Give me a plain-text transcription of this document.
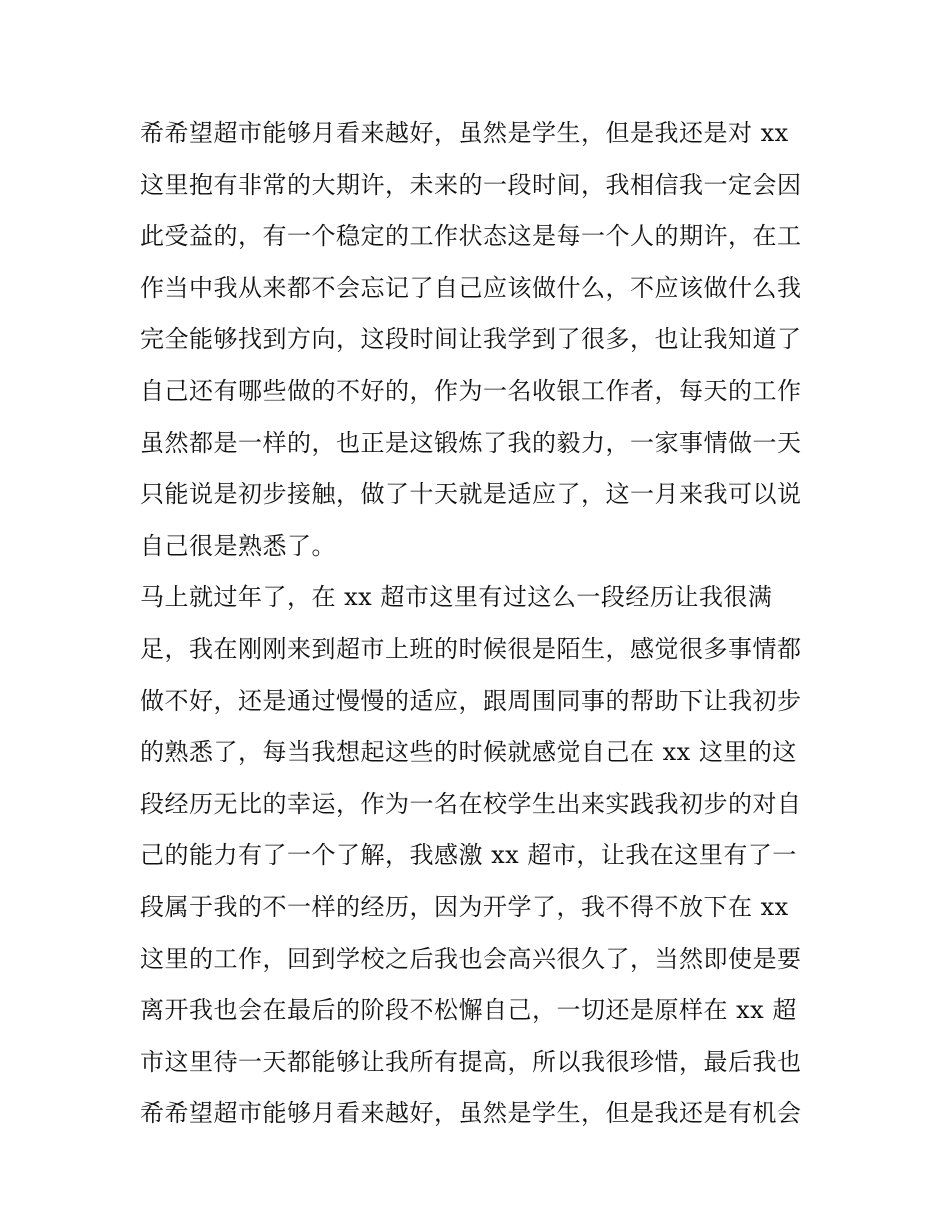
希希望超市能够月看来越好，虽然是学生，但是我还是对 xx
这里抱有非常的大期许，未来的一段时间，我相信我一定会因
此受益的，有一个稳定的工作状态这是每一个人的期许，在工
作当中我从来都不会忘记了自己应该做什么，不应该做什么我
完全能够找到方向，这段时间让我学到了很多，也让我知道了
自己还有哪些做的不好的，作为一名收银工作者，每天的工作
虽然都是一样的，也正是这锻炼了我的毅力，一家事情做一天
只能说是初步接触，做了十天就是适应了，这一月来我可以说
自己很是熟悉了。
马上就过年了，在 xx 超市这里有过这么一段经历让我很满
足，我在刚刚来到超市上班的时候很是陌生，感觉很多事情都
做不好，还是通过慢慢的适应，跟周围同事的帮助下让我初步
的熟悉了，每当我想起这些的时候就感觉自己在 xx 这里的这
段经历无比的幸运，作为一名在校学生出来实践我初步的对自
己的能力有了一个了解，我感激 xx 超市，让我在这里有了一
段属于我的不一样的经历，因为开学了，我不得不放下在 xx
这里的工作，回到学校之后我也会高兴很久了，当然即使是要
离开我也会在最后的阶段不松懈自己，一切还是原样在 xx 超
市这里待一天都能够让我所有提高，所以我很珍惜，最后我也
希希望超市能够月看来越好，虽然是学生，但是我还是有机会
